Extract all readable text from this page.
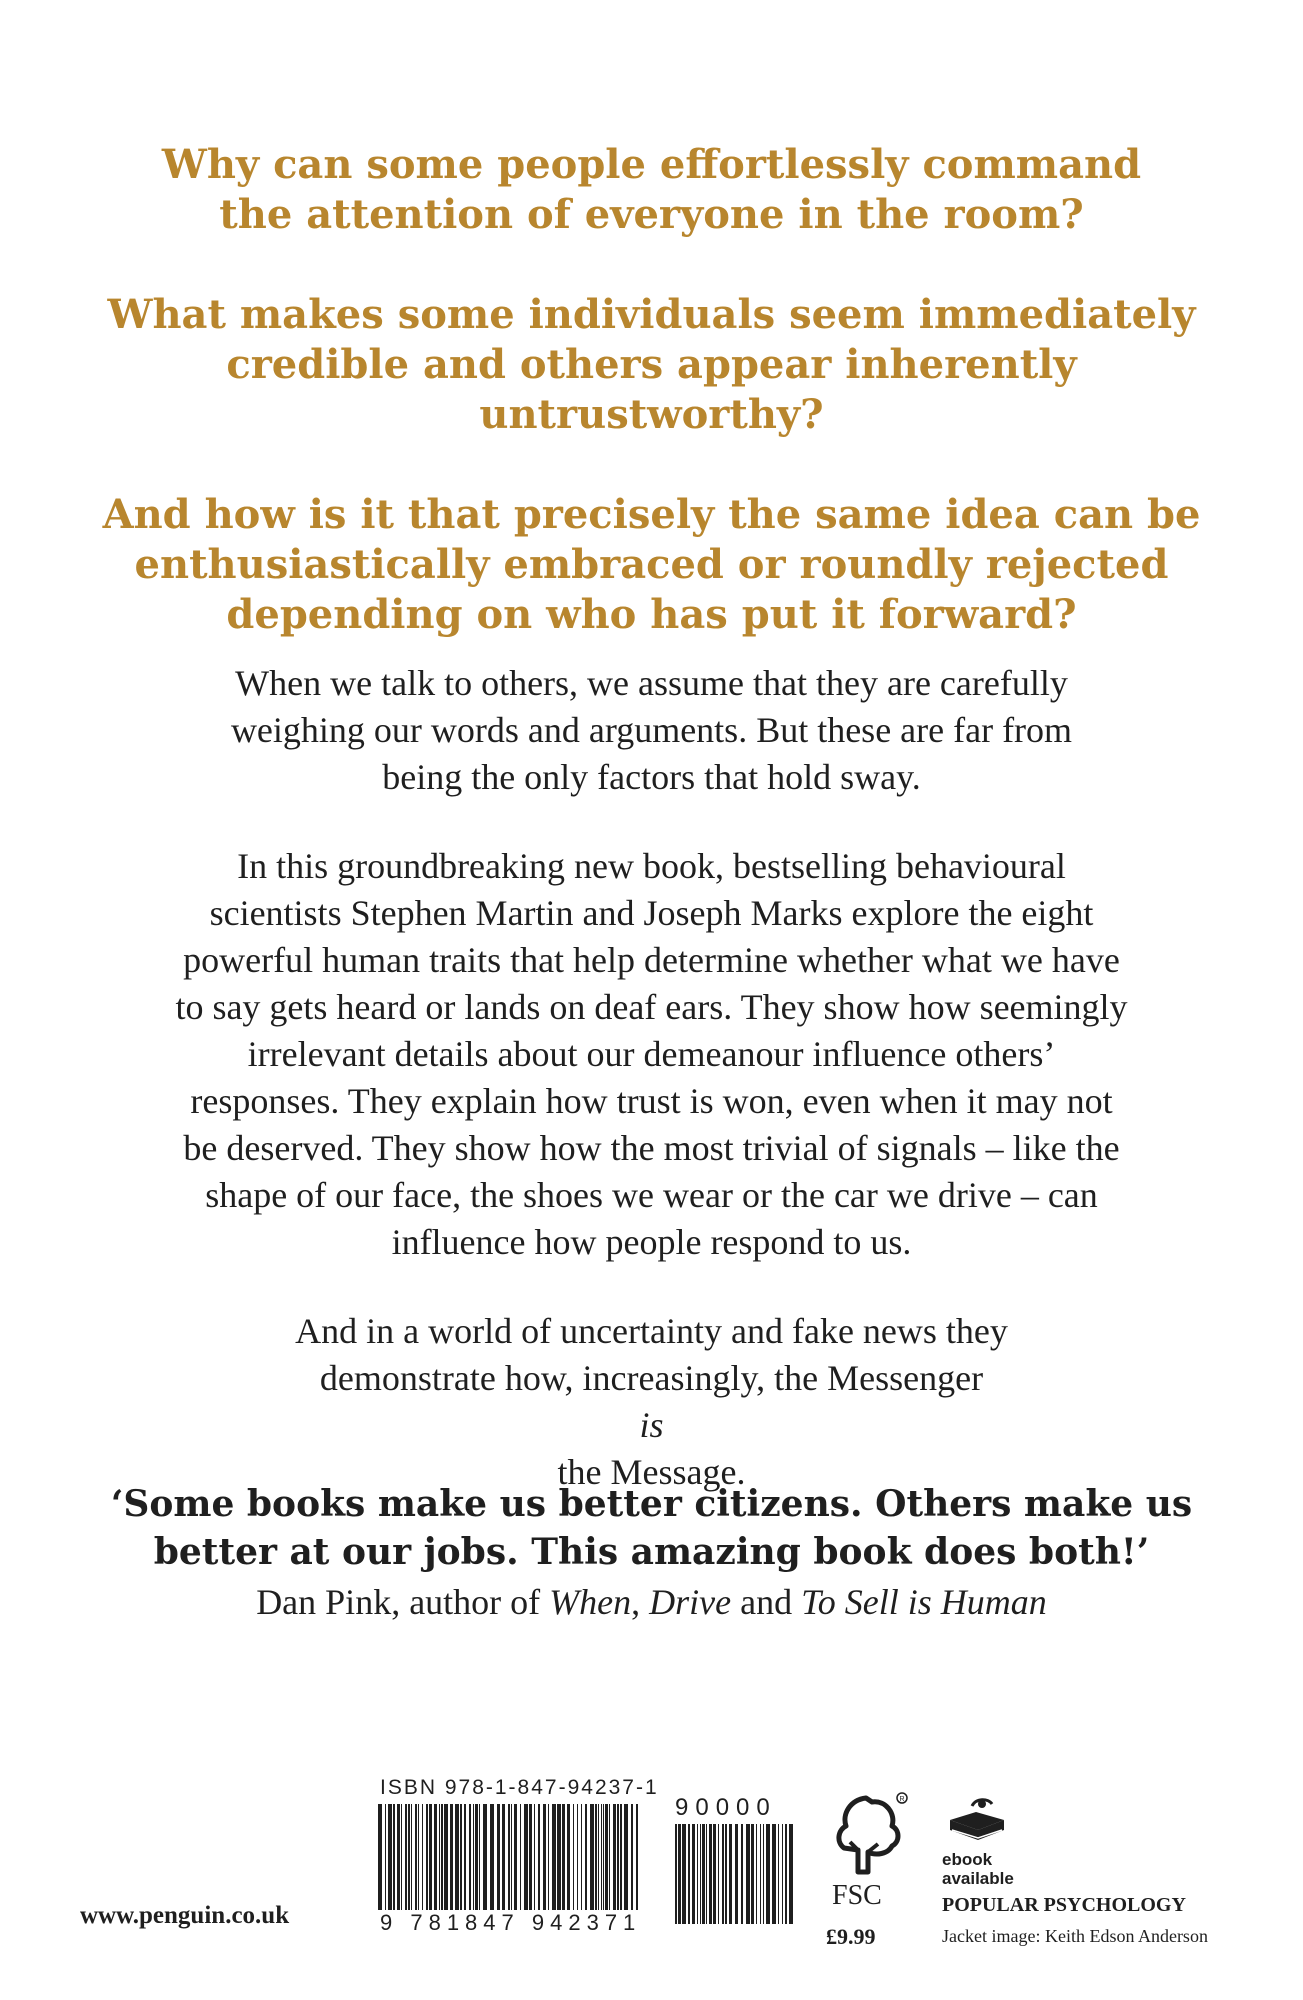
Why can some people effortlessly command
the attention of everyone in the room?

What makes some individuals seem immediately
credible and others appear inherently untrustworthy?

And how is it that precisely the same idea can be
enthusiastically embraced or roundly rejected
depending on who has put it forward?

When we talk to others, we assume that they are carefully
weighing our words and arguments. But these are far from
being the only factors that hold sway.

In this groundbreaking new book, bestselling behavioural
scientists Stephen Martin and Joseph Marks explore the eight
powerful human traits that help determine whether what we have
to say gets heard or lands on deaf ears. They show how seemingly
irrelevant details about our demeanour influence others’
responses. They explain how trust is won, even when it may not
be deserved. They show how the most trivial of signals – like the
shape of our face, the shoes we wear or the car we drive – can
influence how people respond to us.

And in a world of uncertainty and fake news they
demonstrate how, increasingly, the Messenger
is
the Message.

‘Some books make us better citizens. Others make us
better at our jobs. This amazing book does both!’
Dan Pink, author of When, Drive and To Sell is Human
www.penguin.co.uk
ISBN 978-1-847-94237-1
9 781847 942371
90000	R
FSC
£9.99
ebook
available
POPULAR PSYCHOLOGY
Jacket image: Keith Edson Anderson
